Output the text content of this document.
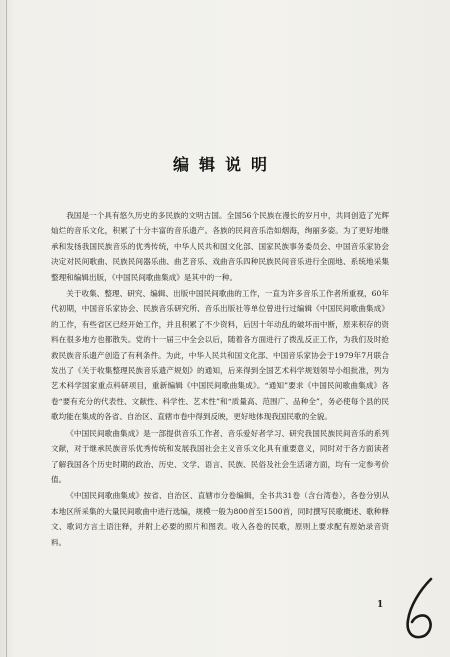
编辑说明

我国是一个具有悠久历史的多民族的文明古国。全国56个民族在漫长的岁月中，共同创造了光辉灿烂的音乐文化，积累了十分丰富的音乐遗产。各族的民间音乐浩如烟海，绚丽多姿。为了更好地继承和发扬我国民族音乐的优秀传统，中华人民共和国文化部、国家民族事务委员会、中国音乐家协会决定对民间歌曲、民族民间器乐曲、曲艺音乐、戏曲音乐四种民族民间音乐进行全面地、系统地采集整理和编辑出版，《中国民间歌曲集成》是其中的一种。

关于收集、整理、研究、编辑、出版中国民间歌曲的工作，一直为许多音乐工作者所重视，60年代初期，中国音乐家协会、民族音乐研究所、音乐出版社等单位曾进行过编辑《中国民间歌曲集成》的工作，有些省区已经开始工作，并且积累了不少资料，后因十年动乱的破坏而中断，原来积存的资料在很多地方也都散失。党的十一届三中全会以后，随着各方面进行了拨乱反正工作，为我们及时抢救民族音乐遗产创造了有利条件。为此，中华人民共和国文化部、中国音乐家协会于1979年7月联合发出了《关于收集整理民族音乐遗产规划》的通知，后来得到全国艺术科学规划领导小组批准，列为艺术科学国家重点科研项目，重新编辑《中国民间歌曲集成》。“通知”要求《中国民间歌曲集成》各卷“要有充分的代表性、文献性、科学性、艺术性”和“质量高、范围广、品种全”，务必使每个县的民歌均能在集成的各省、自治区、直辖市卷中得到反映，更好地体现我国民歌的全貌。

《中国民间歌曲集成》是一部提供音乐工作者、音乐爱好者学习、研究我国民族民间音乐的系列文献，对于继承民族音乐优秀传统和发展我国社会主义音乐文化具有重要意义，同时对于各方面读者了解我国各个历史时期的政治、历史、文学、语言、民族、民俗及社会生活诸方面，均有一定参考价值。

《中国民间歌曲集成》按省、自治区、直辖市分卷编辑，全书共31卷（含台湾卷），各卷分别从本地区所采集的大量民间歌曲中进行选编，规模一般为800首至1500首，同时撰写民歌概述、歌种释文、歌词方言土语注释，并附上必要的照片和图表。收入各卷的民歌，原则上要求配有原始录音资料。

1
